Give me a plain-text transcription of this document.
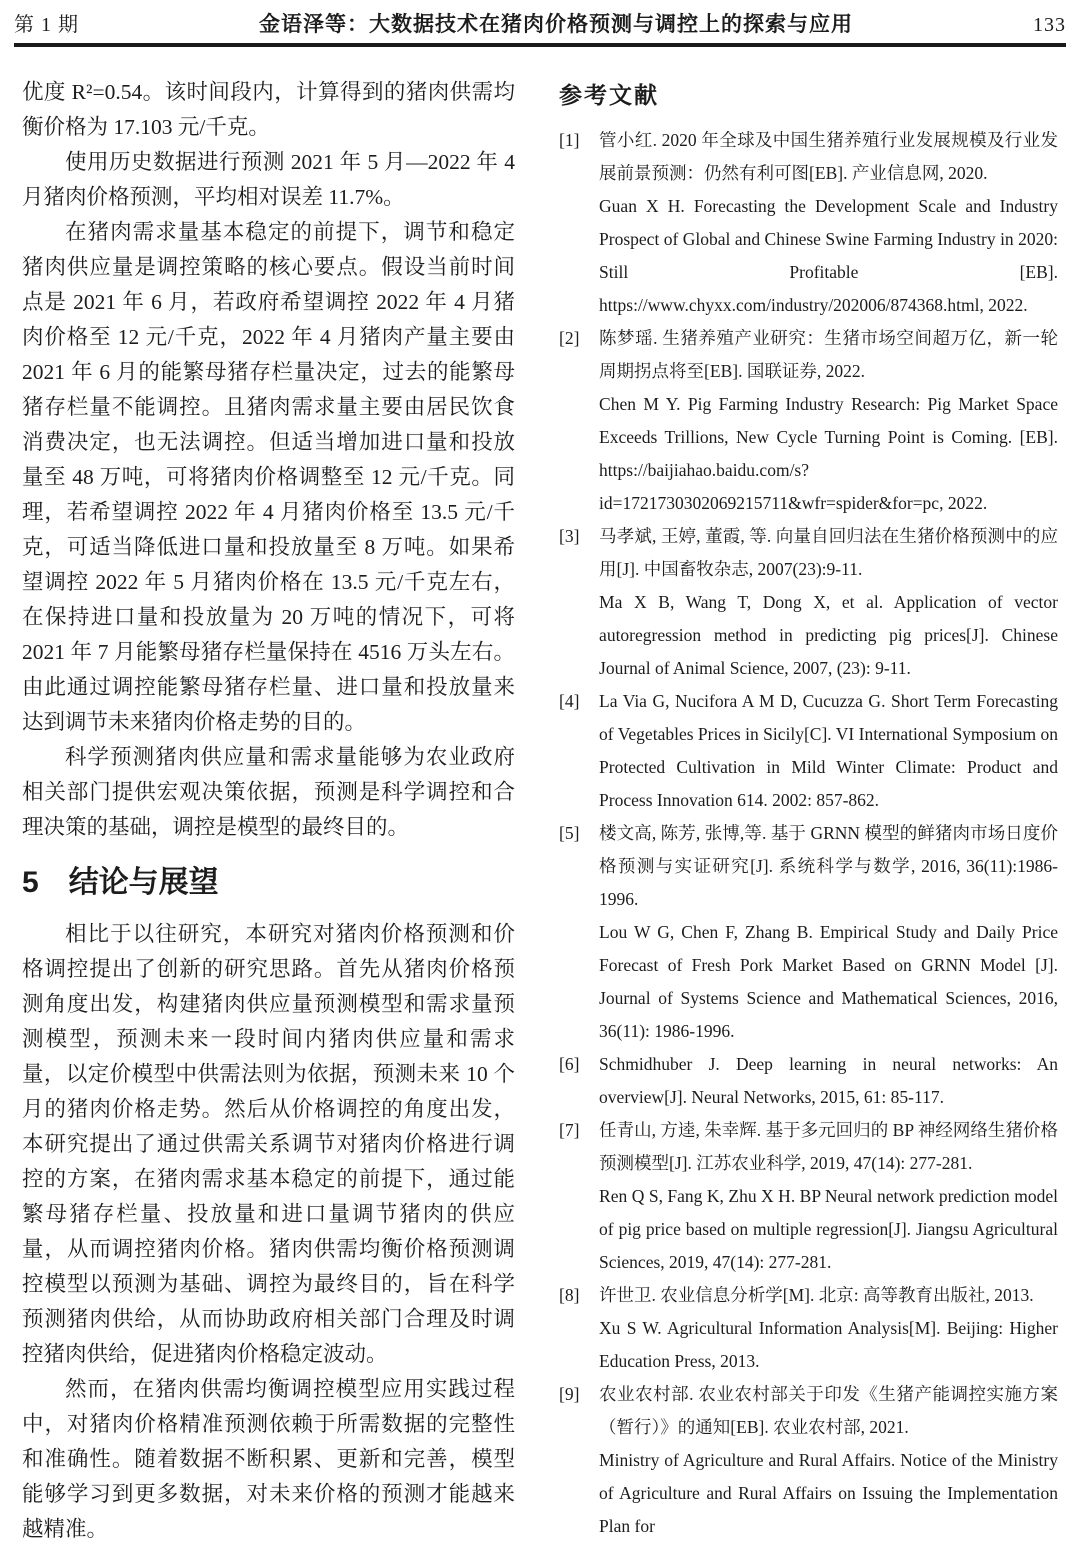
第 1 期	金语泽等：大数据技术在猪肉价格预测与调控上的探索与应用	133

优度 R²=0.54。该时间段内，计算得到的猪肉供需均衡价格为 17.103 元/千克。

使用历史数据进行预测 2021 年 5 月—2022 年 4 月猪肉价格预测，平均相对误差 11.7%。

在猪肉需求量基本稳定的前提下，调节和稳定猪肉供应量是调控策略的核心要点。假设当前时间点是 2021 年 6 月，若政府希望调控 2022 年 4 月猪肉价格至 12 元/千克，2022 年 4 月猪肉产量主要由 2021 年 6 月的能繁母猪存栏量决定，过去的能繁母猪存栏量不能调控。且猪肉需求量主要由居民饮食消费决定，也无法调控。但适当增加进口量和投放量至 48 万吨，可将猪肉价格调整至 12 元/千克。同理，若希望调控 2022 年 4 月猪肉价格至 13.5 元/千克，可适当降低进口量和投放量至 8 万吨。如果希望调控 2022 年 5 月猪肉价格在 13.5 元/千克左右，在保持进口量和投放量为 20 万吨的情况下，可将 2021 年 7 月能繁母猪存栏量保持在 4516 万头左右。由此通过调控能繁母猪存栏量、进口量和投放量来达到调节未来猪肉价格走势的目的。

科学预测猪肉供应量和需求量能够为农业政府相关部门提供宏观决策依据，预测是科学调控和合理决策的基础，调控是模型的最终目的。

5 结论与展望

相比于以往研究，本研究对猪肉价格预测和价格调控提出了创新的研究思路。首先从猪肉价格预测角度出发，构建猪肉供应量预测模型和需求量预测模型，预测未来一段时间内猪肉供应量和需求量，以定价模型中供需法则为依据，预测未来 10 个月的猪肉价格走势。然后从价格调控的角度出发，本研究提出了通过供需关系调节对猪肉价格进行调控的方案，在猪肉需求基本稳定的前提下，通过能繁母猪存栏量、投放量和进口量调节猪肉的供应量，从而调控猪肉价格。猪肉供需均衡价格预测调控模型以预测为基础、调控为最终目的，旨在科学预测猪肉供给，从而协助政府相关部门合理及时调控猪肉供给，促进猪肉价格稳定波动。

然而，在猪肉供需均衡调控模型应用实践过程中，对猪肉价格精准预测依赖于所需数据的完整性和准确性。随着数据不断积累、更新和完善，模型能够学习到更多数据，对未来价格的预测才能越来越精准。

参考文献
[1] 管小红. 2020 年全球及中国生猪养殖行业发展规模及行业发展前景预测：仍然有利可图[EB]. 产业信息网, 2020.

Guan X H. Forecasting the Development Scale and Industry Prospect of Global and Chinese Swine Farming Industry in 2020: Still Profitable [EB]. https://www.chyxx.com/industry/202006/874368.html, 2022.

[2] 陈梦瑶. 生猪养殖产业研究：生猪市场空间超万亿，新一轮周期拐点将至[EB]. 国联证券, 2022.

Chen M Y. Pig Farming Industry Research: Pig Market Space Exceeds Trillions, New Cycle Turning Point is Coming. [EB]. https://baijiahao.baidu.com/s?id=1721730302069215711&wfr=spider&for=pc, 2022.

[3] 马孝斌, 王婷, 董霞, 等. 向量自回归法在生猪价格预测中的应用[J]. 中国畜牧杂志, 2007(23):9-11.

Ma X B, Wang T, Dong X, et al. Application of vector autoregression method in predicting pig prices[J]. Chinese Journal of Animal Science, 2007, (23): 9-11.

[4] La Via G, Nucifora A M D, Cucuzza G. Short Term Forecasting of Vegetables Prices in Sicily[C]. VI International Symposium on Protected Cultivation in Mild Winter Climate: Product and Process Innovation 614. 2002: 857-862.

[5] 楼文高, 陈芳, 张博,等. 基于 GRNN 模型的鲜猪肉市场日度价格预测与实证研究[J]. 系统科学与数学, 2016, 36(11):1986-1996.

Lou W G, Chen F, Zhang B. Empirical Study and Daily Price Forecast of Fresh Pork Market Based on GRNN Model [J]. Journal of Systems Science and Mathematical Sciences, 2016, 36(11): 1986-1996.

[6] Schmidhuber J. Deep learning in neural networks: An overview[J]. Neural Networks, 2015, 61: 85-117.

[7] 任青山, 方逵, 朱幸辉. 基于多元回归的 BP 神经网络生猪价格预测模型[J]. 江苏农业科学, 2019, 47(14): 277-281.

Ren Q S, Fang K, Zhu X H. BP Neural network prediction model of pig price based on multiple regression[J]. Jiangsu Agricultural Sciences, 2019, 47(14): 277-281.

[8] 许世卫. 农业信息分析学[M]. 北京: 高等教育出版社, 2013.

Xu S W. Agricultural Information Analysis[M]. Beijing: Higher Education Press, 2013.

[9] 农业农村部. 农业农村部关于印发《生猪产能调控实施方案（暂行）》的通知[EB]. 农业农村部, 2021.

Ministry of Agriculture and Rural Affairs. Notice of the Ministry of Agriculture and Rural Affairs on Issuing the Implementation Plan for
